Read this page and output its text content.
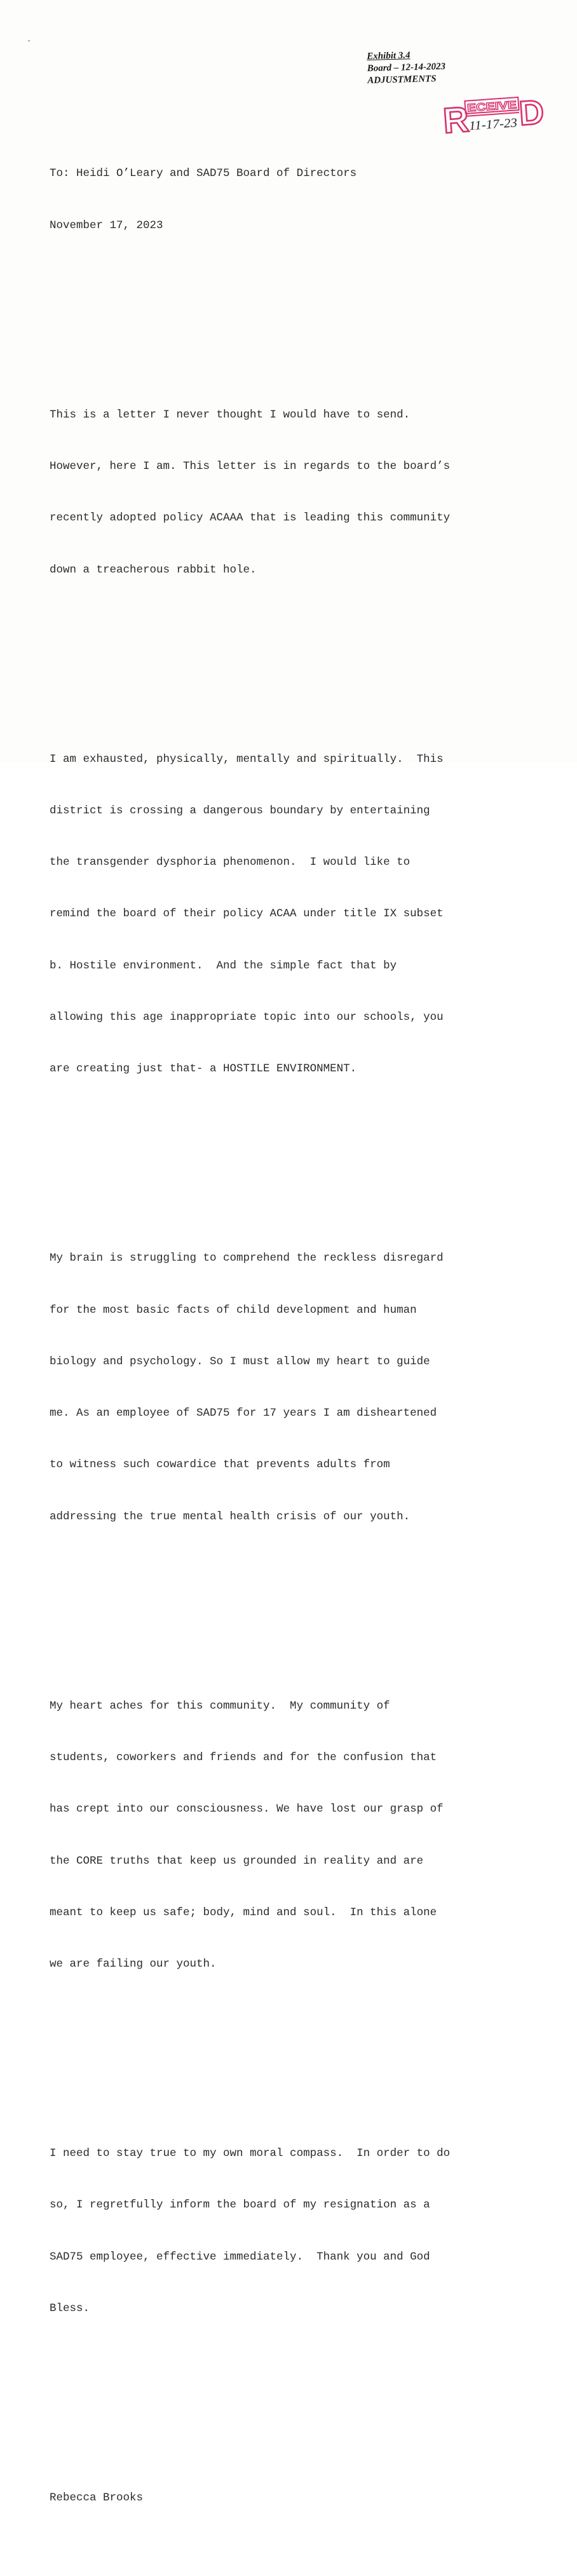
ˇ
Exhibit 3.4
Board – 12-14-2023
ADJUSTMENTS
R D
ECEIVE
11-17-23

To: Heidi O’Leary and SAD75 Board of Directors

November 17, 2023

This is a letter I never thought I would have to send.

However, here I am. This letter is in regards to the board’s

recently adopted policy ACAAA that is leading this community

down a treacherous rabbit hole.

I am exhausted, physically, mentally and spiritually.  This

district is crossing a dangerous boundary by entertaining

the transgender dysphoria phenomenon.  I would like to

remind the board of their policy ACAA under title IX subset

b. Hostile environment.  And the simple fact that by

allowing this age inappropriate topic into our schools, you

are creating just that- a HOSTILE ENVIRONMENT.

My brain is struggling to comprehend the reckless disregard

for the most basic facts of child development and human

biology and psychology. So I must allow my heart to guide

me. As an employee of SAD75 for 17 years I am disheartened

to witness such cowardice that prevents adults from

addressing the true mental health crisis of our youth.

My heart aches for this community.  My community of

students, coworkers and friends and for the confusion that

has crept into our consciousness. We have lost our grasp of

the CORE truths that keep us grounded in reality and are

meant to keep us safe; body, mind and soul.  In this alone

we are failing our youth.

I need to stay true to my own moral compass.  In order to do

so, I regretfully inform the board of my resignation as a

SAD75 employee, effective immediately.  Thank you and God

Bless.

Rebecca Brooks
